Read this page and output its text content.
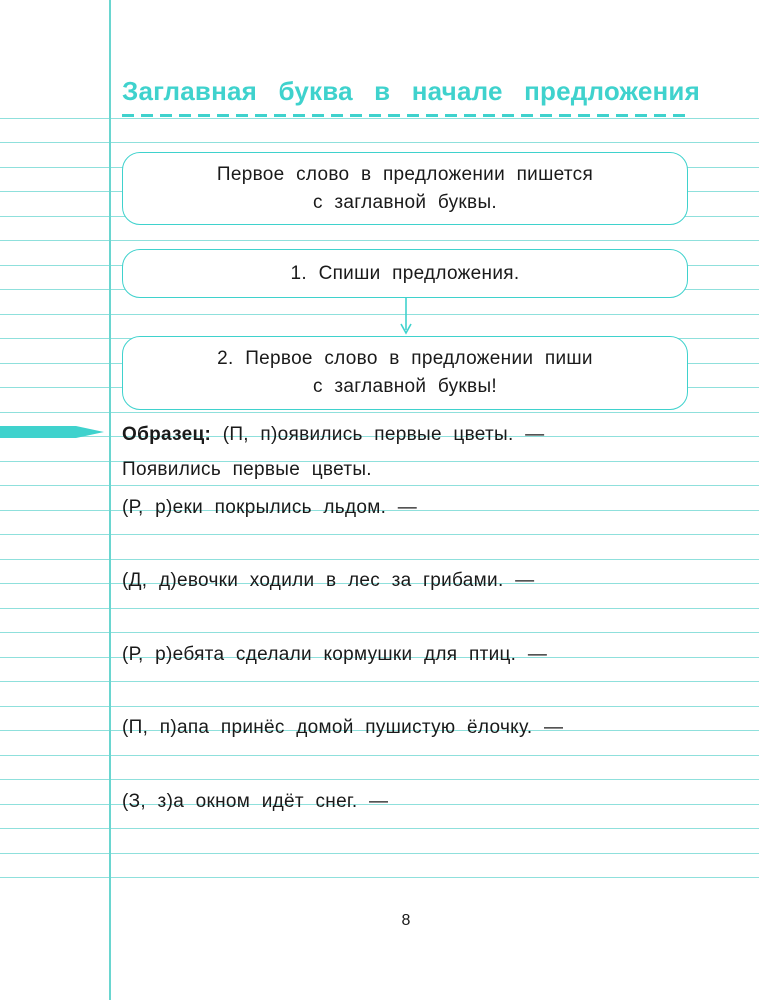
Заглавная буква в начале предложения
Первое слово в предложении пишется
с заглавной буквы.
1. Спиши предложения.
2. Первое слово в предложении пиши
с заглавной буквы!
Образец: (П, п)оявились первые цветы. —
Появились первые цветы.
(Р, р)еки покрылись льдом. —
(Д, д)евочки ходили в лес за грибами. —
(Р, р)ебята сделали кормушки для птиц. —
(П, п)апа принёс домой пушистую ёлочку. —
(З, з)а окном идёт снег. —
8
